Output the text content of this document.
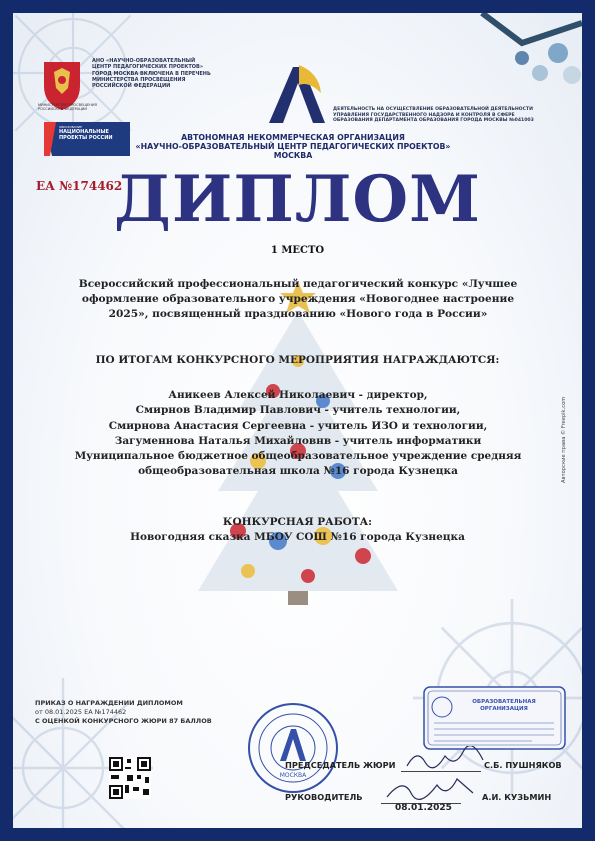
АНО «НАУЧНО-ОБРАЗОВАТЕЛЬНЫЙ ЦЕНТР ПЕДАГОГИЧЕСКИХ ПРОЕКТОВ» ГОРОД МОСКВА ВКЛЮЧЕНА В ПЕРЕЧЕНЬ МИНИСТЕРСТВА ПРОСВЕЩЕНИЯ РОССИЙСКОЙ ФЕДЕРАЦИИ
МИНИСТЕРСТВО ПРОСВЕЩЕНИЯ РОССИЙСКОЙ ФЕДЕРАЦИИ
ОБРАЗОВАНИЕ
НАЦИОНАЛЬНЫЕ ПРОЕКТЫ РОССИИ
ДЕЯТЕЛЬНОСТЬ НА ОСУЩЕСТВЛЕНИЕ ОБРАЗОВАТЕЛЬНОЙ ДЕЯТЕЛЬНОСТИ УПРАВЛЕНИЯ ГОСУДАРСТВЕННОГО НАДЗОРА И КОНТРОЛЯ В СФЕРЕ ОБРАЗОВАНИЯ ДЕПАРТАМЕНТА ОБРАЗОВАНИЯ ГОРОДА МОСКВЫ №041003
АВТОНОМНАЯ НЕКОММЕРЧЕСКАЯ ОРГАНИЗАЦИЯ
«НАУЧНО-ОБРАЗОВАТЕЛЬНЫЙ ЦЕНТР ПЕДАГОГИЧЕСКИХ ПРОЕКТОВ»
МОСКВА
ЕА №174462
ДИПЛОМ
1 МЕСТО
Всероссийский профессиональный педагогический конкурс «Лучшее
оформление образовательного учреждения «Новогоднее настроение
2025», посвященный празднованию «Нового года в России»
ПО ИТОГАМ КОНКУРСНОГО МЕРОПРИЯТИЯ НАГРАЖДАЮТСЯ:
Аникеев Алексей Николаевич - директор,
Смирнов Владимир Павлович - учитель технологии,
Смирнова Анастасия Сергеевна - учитель ИЗО и технологии,
Загуменнова Наталья Михайловнв - учитель информатики
Муниципальное бюджетное общеобразовательное учреждение средняя
общеобразовательная школа №16 города Кузнецка
КОНКУРСНАЯ РАБОТА:
Новогодняя сказка МБОУ СОШ №16 города Кузнецка
Авторские права © Freepik.com
ПРИКАЗ О НАГРАЖДЕНИИ ДИПЛОМОМ
от 08.01.2025 ЕА №174462
С ОЦЕНКОЙ КОНКУРСНОГО ЖЮРИ 87 БАЛЛОВ
МОСКВА
ОБРАЗОВАТЕЛЬНАЯ
ОРГАНИЗАЦИЯ
ПРЕДСЕДАТЕЛЬ ЖЮРИ	С.Б. ПУШНЯКОВ
РУКОВОДИТЕЛЬ	А.И. КУЗЬМИН
08.01.2025
